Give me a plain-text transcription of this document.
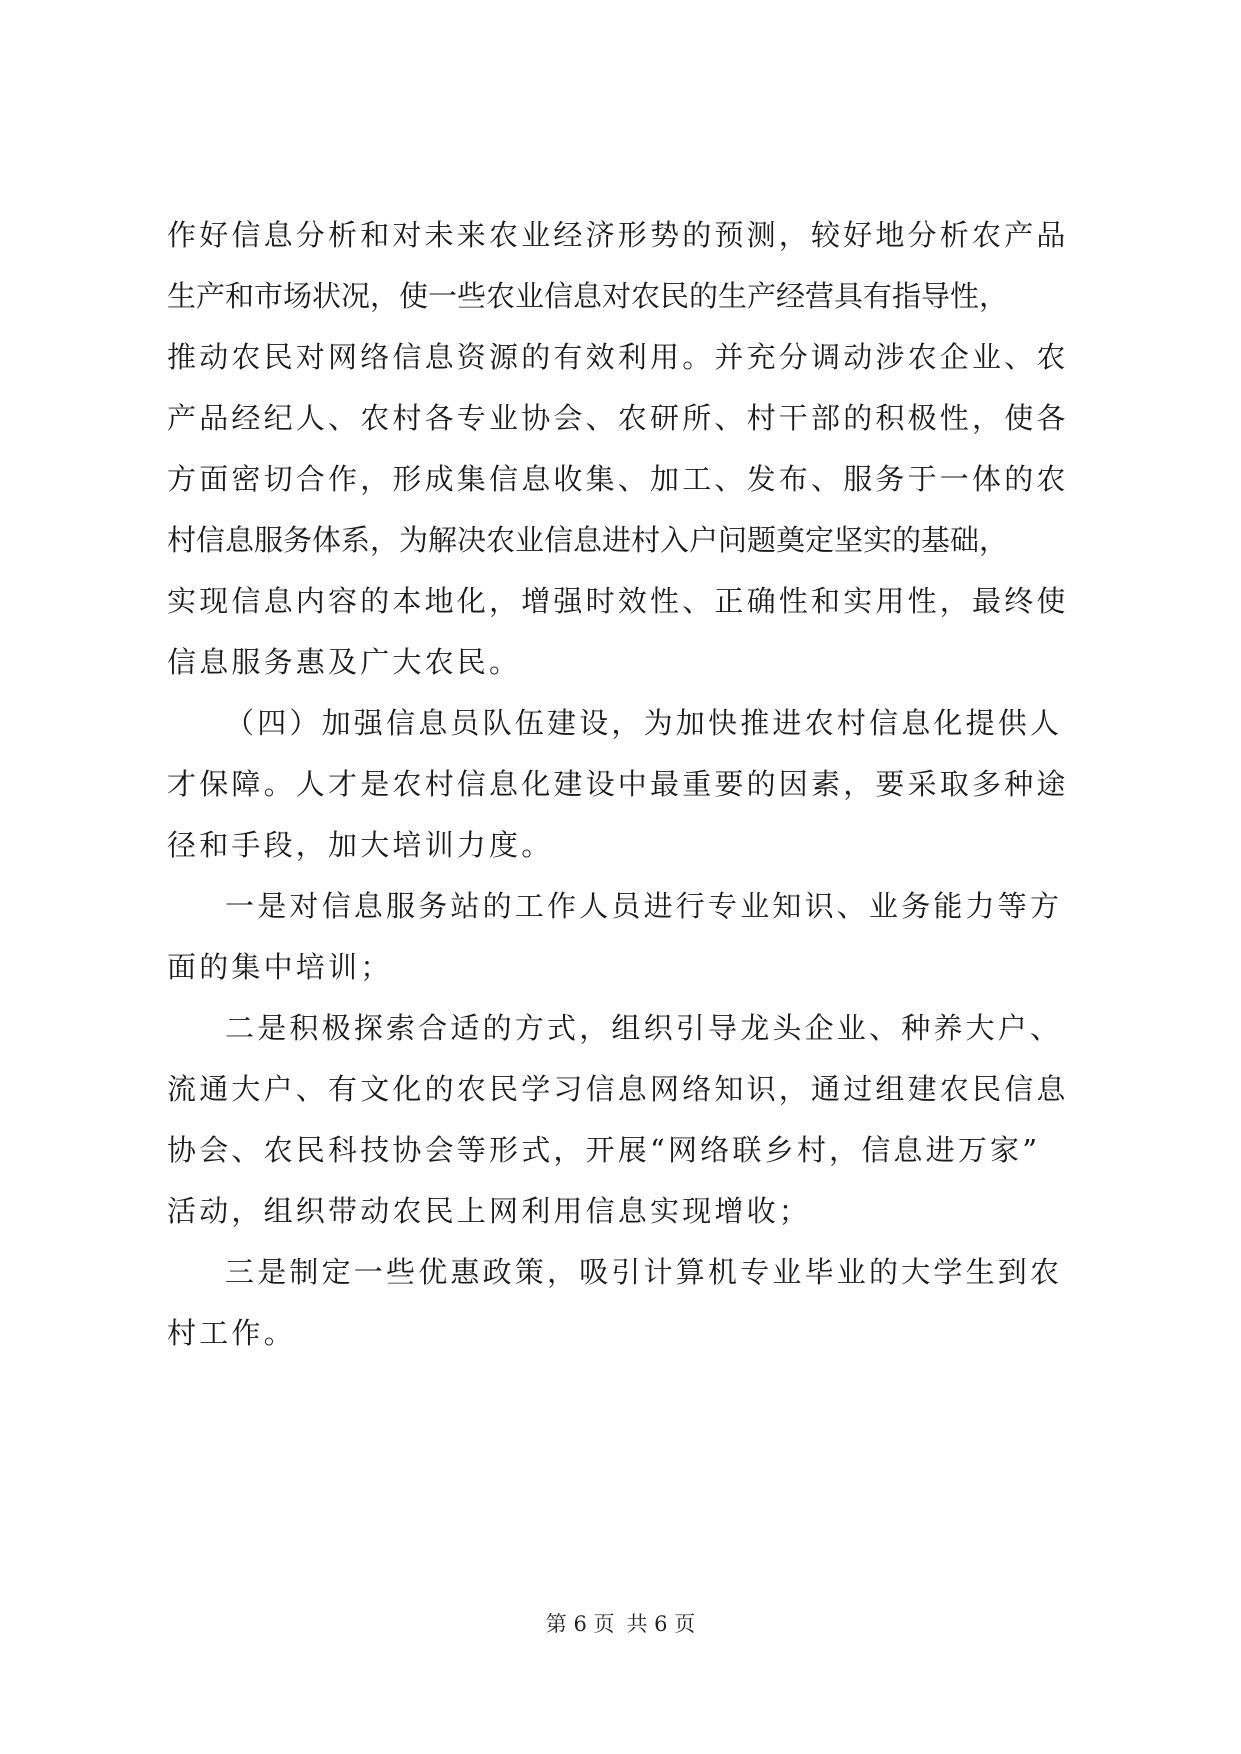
作好信息分析和对未来农业经济形势的预测，较好地分析农产品
生产和市场状况，使一些农业信息对农民的生产经营具有指导性，
推动农民对网络信息资源的有效利用。并充分调动涉农企业、农
产品经纪人、农村各专业协会、农研所、村干部的积极性，使各
方面密切合作，形成集信息收集、加工、发布、服务于一体的农
村信息服务体系，为解决农业信息进村入户问题奠定坚实的基础，
实现信息内容的本地化，增强时效性、正确性和实用性，最终使
信息服务惠及广大农民。
（四）加强信息员队伍建设，为加快推进农村信息化提供人
才保障。人才是农村信息化建设中最重要的因素，要采取多种途
径和手段，加大培训力度。
一是对信息服务站的工作人员进行专业知识、业务能力等方
面的集中培训；
二是积极探索合适的方式，组织引导龙头企业、种养大户、
流通大户、有文化的农民学习信息网络知识，通过组建农民信息
协会、农民科技协会等形式，开展“网络联乡村，信息进万家”
活动，组织带动农民上网利用信息实现增收；
三是制定一些优惠政策，吸引计算机专业毕业的大学生到农
村工作。
第 6 页 共 6 页
